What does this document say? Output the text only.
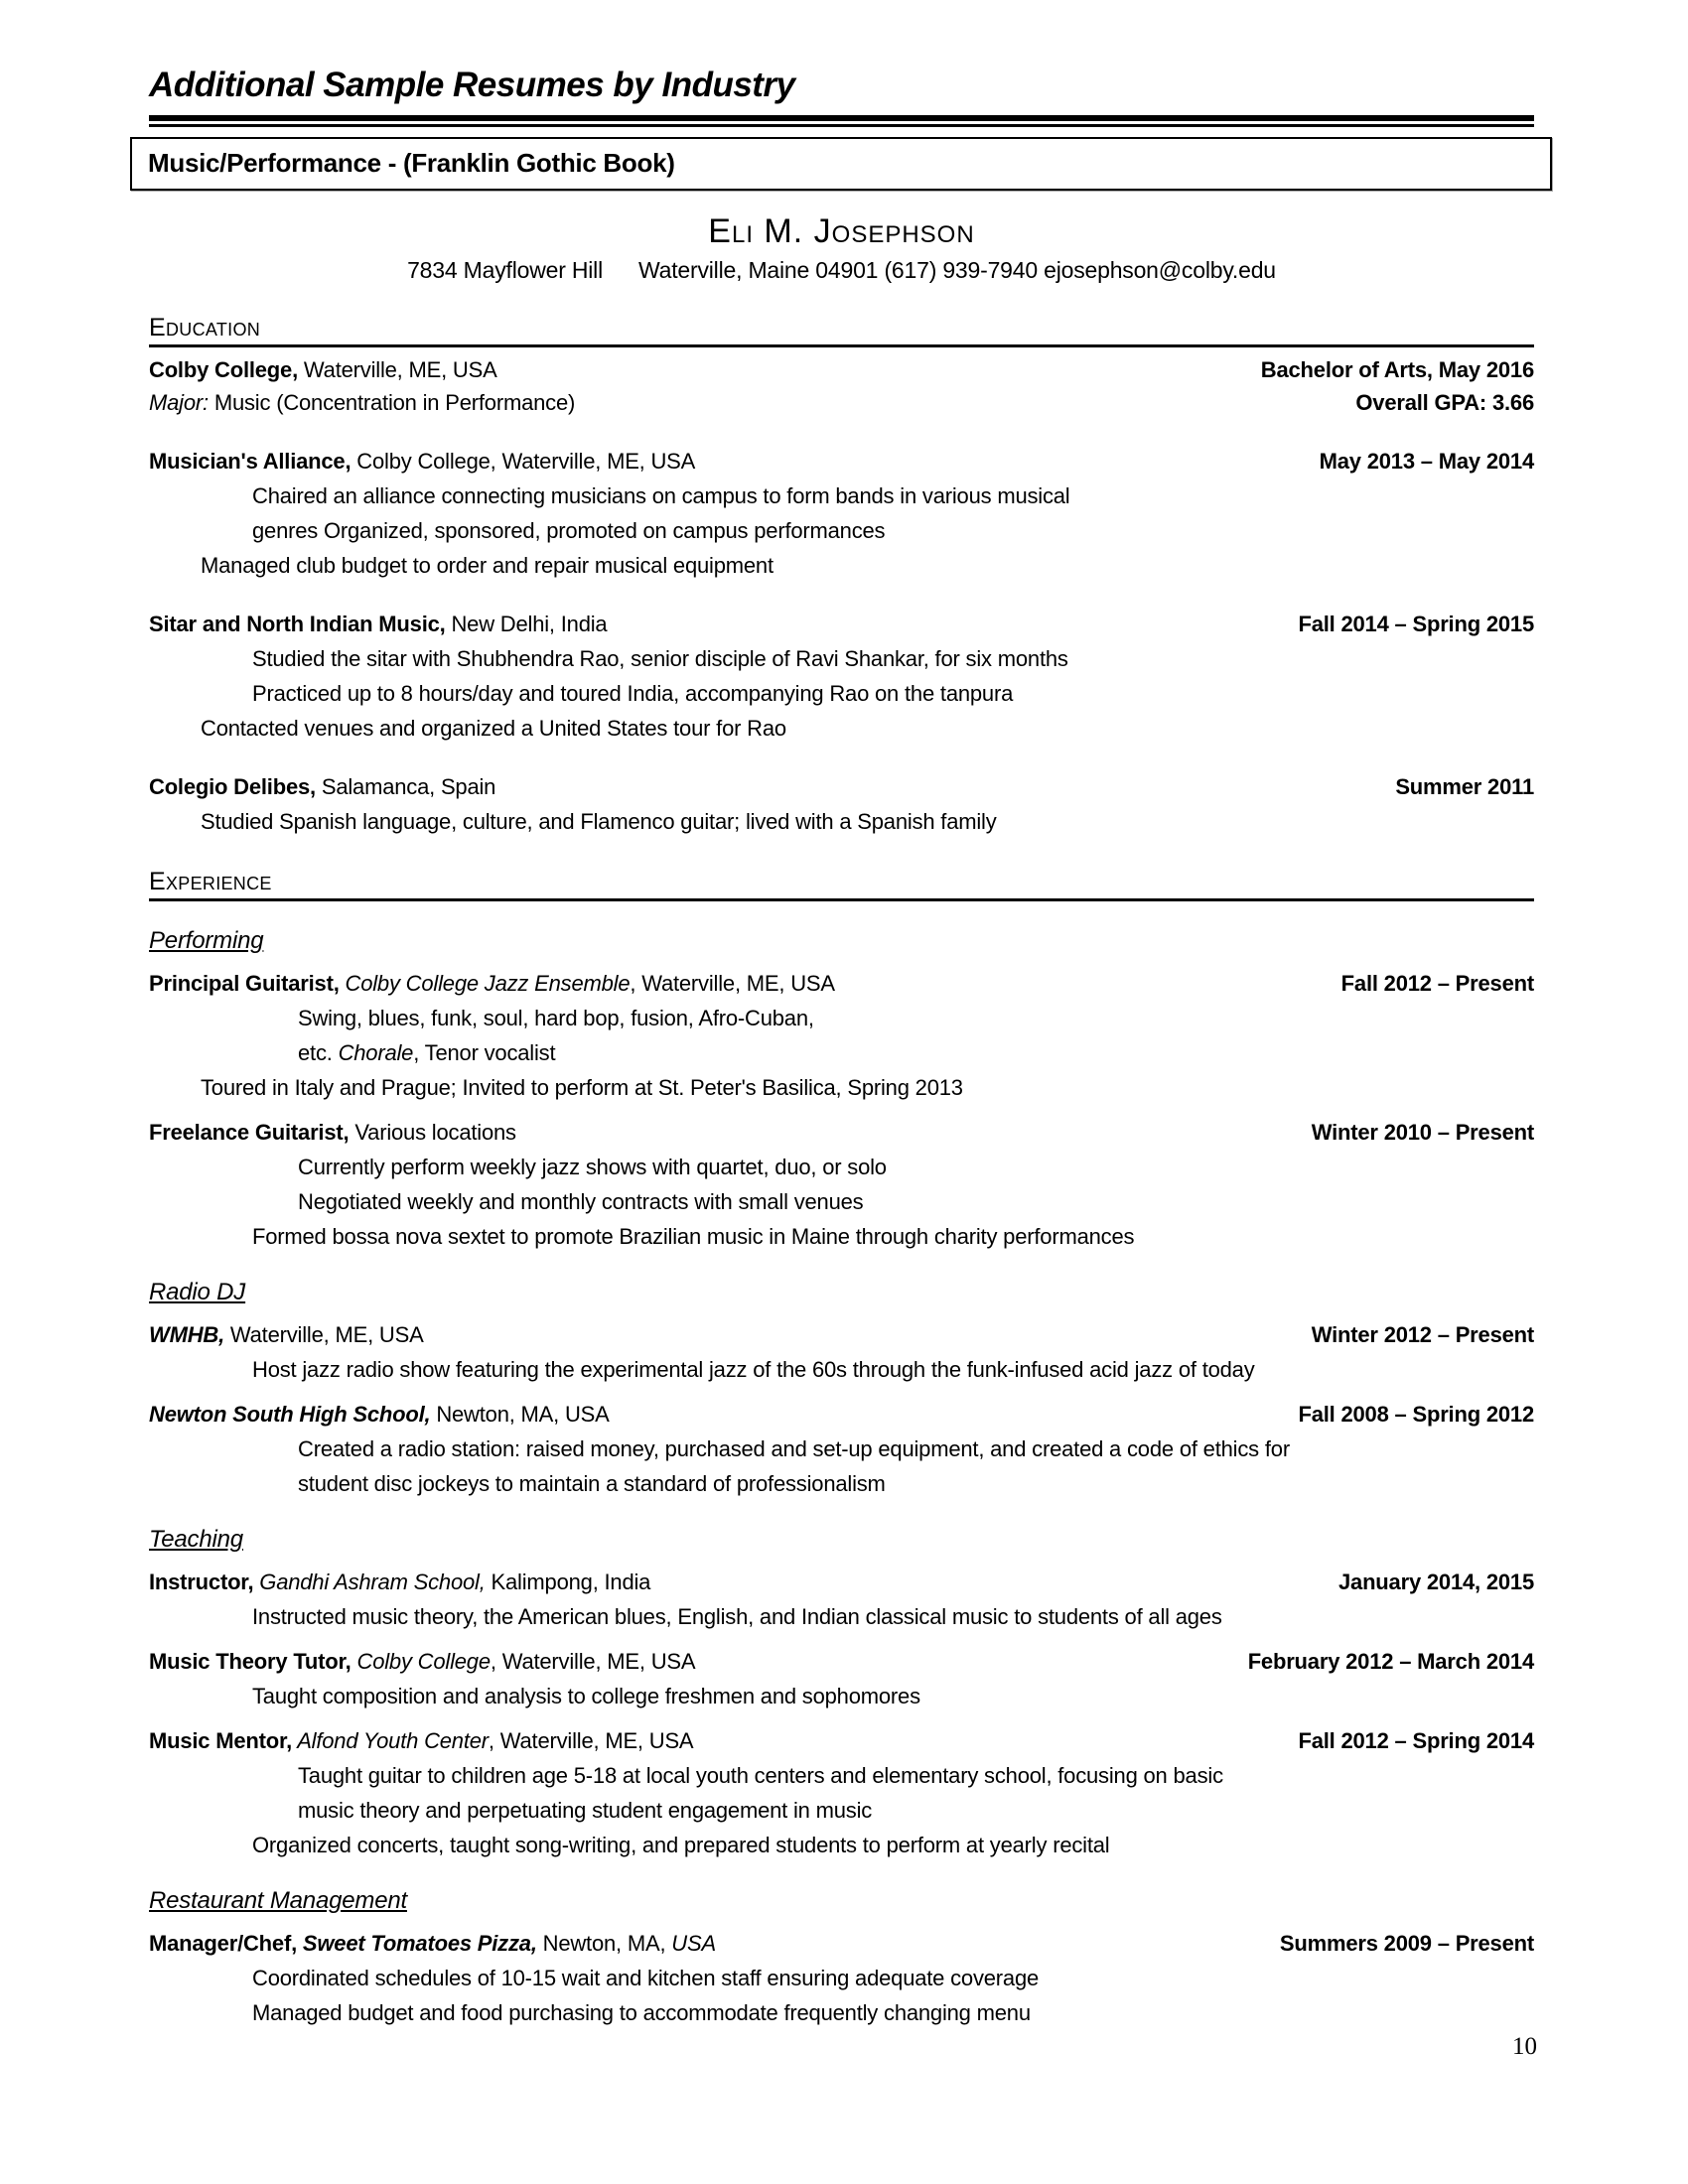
Additional Sample Resumes by Industry
Music/Performance - (Franklin Gothic Book)
Eli M. Josephson
7834 Mayflower Hill Waterville, Maine 04901 (617) 939-7940 ejosephson@colby.edu
Education
Colby College, Waterville, ME, USA	Bachelor of Arts, May 2016
Major: Music (Concentration in Performance)	Overall GPA: 3.66
Musician's Alliance, Colby College, Waterville, ME, USA	May 2013 – May 2014
Chaired an alliance connecting musicians on campus to form bands in various musical
genres Organized, sponsored, promoted on campus performances
Managed club budget to order and repair musical equipment
Sitar and North Indian Music, New Delhi, India	Fall 2014 – Spring 2015
Studied the sitar with Shubhendra Rao, senior disciple of Ravi Shankar, for six months
Practiced up to 8 hours/day and toured India, accompanying Rao on the tanpura
Contacted venues and organized a United States tour for Rao
Colegio Delibes, Salamanca, Spain	Summer 2011
Studied Spanish language, culture, and Flamenco guitar; lived with a Spanish family
Experience
Performing
Principal Guitarist, Colby College Jazz Ensemble, Waterville, ME, USA	Fall 2012 – Present
Swing, blues, funk, soul, hard bop, fusion, Afro-Cuban,
etc. Chorale, Tenor vocalist
Toured in Italy and Prague; Invited to perform at St. Peter's Basilica, Spring 2013
Freelance Guitarist, Various locations	Winter 2010 – Present
Currently perform weekly jazz shows with quartet, duo, or solo
Negotiated weekly and monthly contracts with small venues
Formed bossa nova sextet to promote Brazilian music in Maine through charity performances
Radio DJ
WMHB, Waterville, ME, USA	Winter 2012 – Present
Host jazz radio show featuring the experimental jazz of the 60s through the funk-infused acid jazz of today
Newton South High School, Newton, MA, USA	Fall 2008 – Spring 2012
Created a radio station: raised money, purchased and set-up equipment, and created a code of ethics for
student disc jockeys to maintain a standard of professionalism
Teaching
Instructor, Gandhi Ashram School, Kalimpong, India	January 2014, 2015
Instructed music theory, the American blues, English, and Indian classical music to students of all ages
Music Theory Tutor, Colby College, Waterville, ME, USA	February 2012 – March 2014
Taught composition and analysis to college freshmen and sophomores
Music Mentor, Alfond Youth Center, Waterville, ME, USA	Fall 2012 – Spring 2014
Taught guitar to children age 5-18 at local youth centers and elementary school, focusing on basic
music theory and perpetuating student engagement in music
Organized concerts, taught song-writing, and prepared students to perform at yearly recital
Restaurant Management
Manager/Chef, Sweet Tomatoes Pizza, Newton, MA, USA	Summers 2009 – Present
Coordinated schedules of 10-15 wait and kitchen staff ensuring adequate coverage
Managed budget and food purchasing to accommodate frequently changing menu
10
